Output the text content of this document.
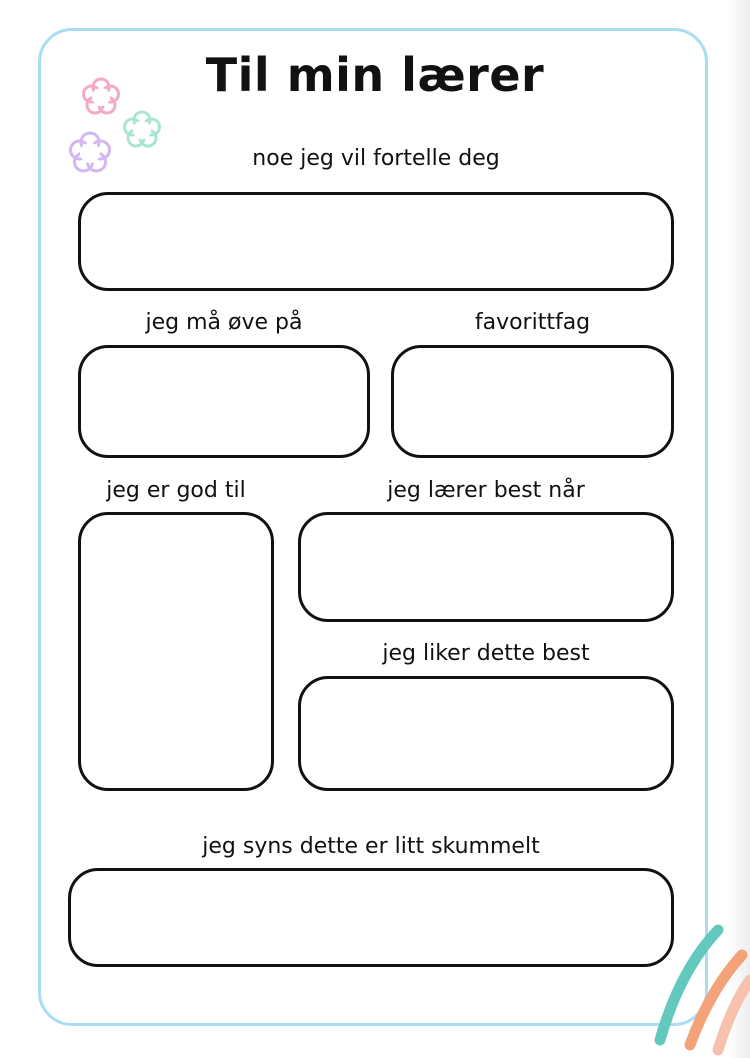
Til min lærer
noe jeg vil fortelle deg
jeg må øve på	favorittfag
jeg er god til	jeg lærer best når
jeg liker dette best
jeg syns dette er litt skummelt
